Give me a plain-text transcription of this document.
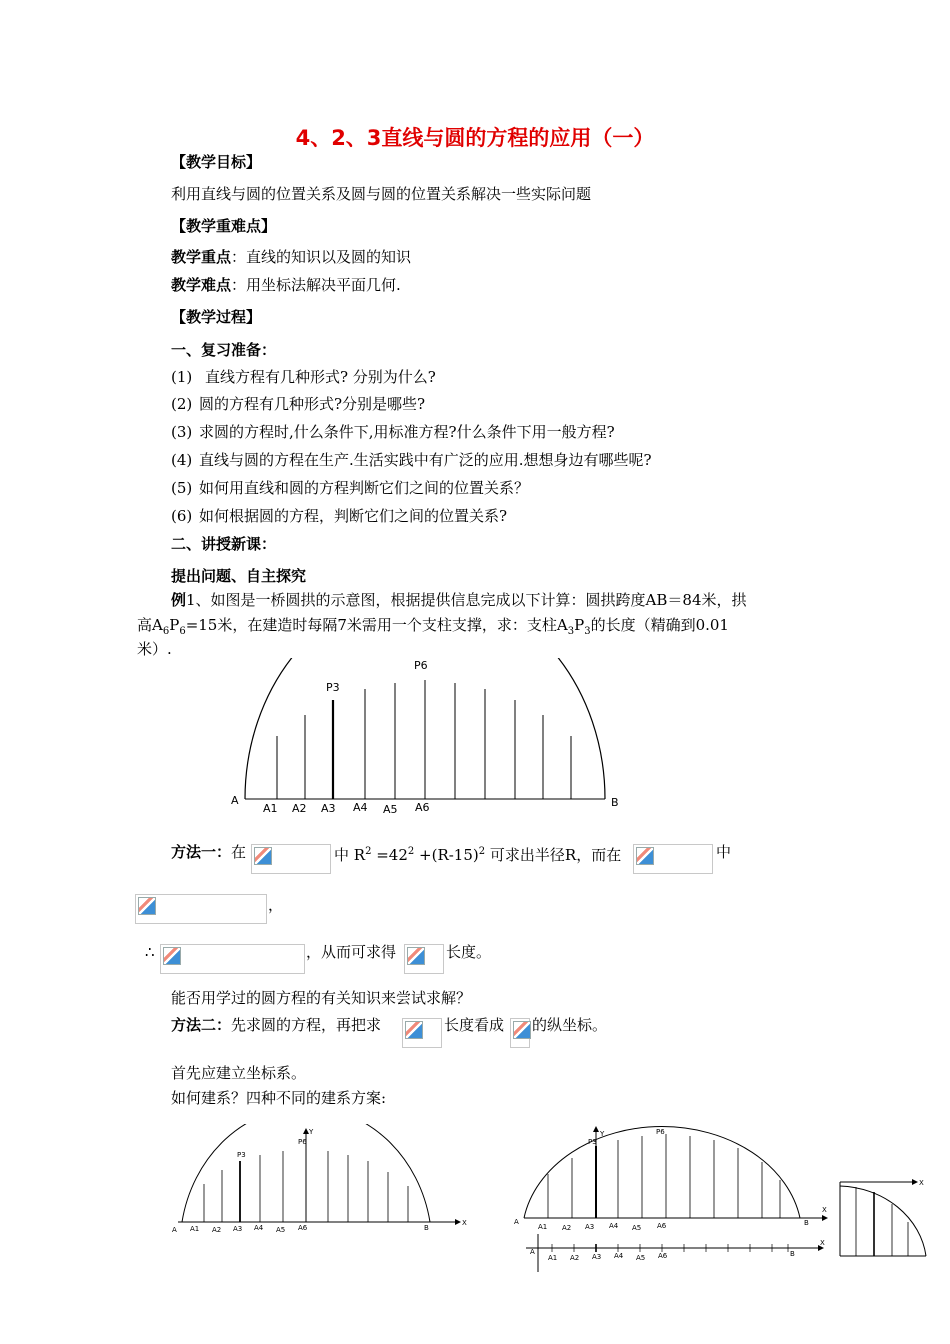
4、2、3直线与圆的方程的应用（一）
【教学目标】
利用直线与圆的位置关系及圆与圆的位置关系解决一些实际问题
【教学重难点】
教学重点：直线的知识以及圆的知识
教学难点：用坐标法解决平面几何.
【教学过程】
一、复习准备：
(1) 直线方程有几种形式? 分别为什么?
(2) 圆的方程有几种形式?分别是哪些?
(3) 求圆的方程时,什么条件下,用标准方程?什么条件下用一般方程?
(4) 直线与圆的方程在生产.生活实践中有广泛的应用.想想身边有哪些呢?
(5) 如何用直线和圆的方程判断它们之间的位置关系？
(6) 如何根据圆的方程，判断它们之间的位置关系?
二、讲授新课：
提出问题、自主探究
例1、如图是一桥圆拱的示意图，根据提供信息完成以下计算：圆拱跨度AB＝84米，拱
高$A_6P_6=15$米，在建造时每隔7米需用一个支柱支撑，求：支柱$A_3P_3$的长度（精确到0.01
米）.
A	B
P3
P6
A1 A2 A3 A4 A5 A6
方法一：在	中 $R^2 =42^2 +(R-15)^2$ 可求出半径R，而在	中
，
∴	，从而可求得	长度。
能否用学过的圆方程的有关知识来尝试求解？
方法二：先求圆的方程，再把求	长度看成 的纵坐标。
首先应建立坐标系。
如何建系？四种不同的建系方案:
A A1 A2 A3 A4 A5 A6	B
X
Y
P3
P6
A
A1 A2 A3 A4 A5 A6	B
X
Y
P3
P6
A
A1 A2 A3 A4 A5 A6	B
X
X
